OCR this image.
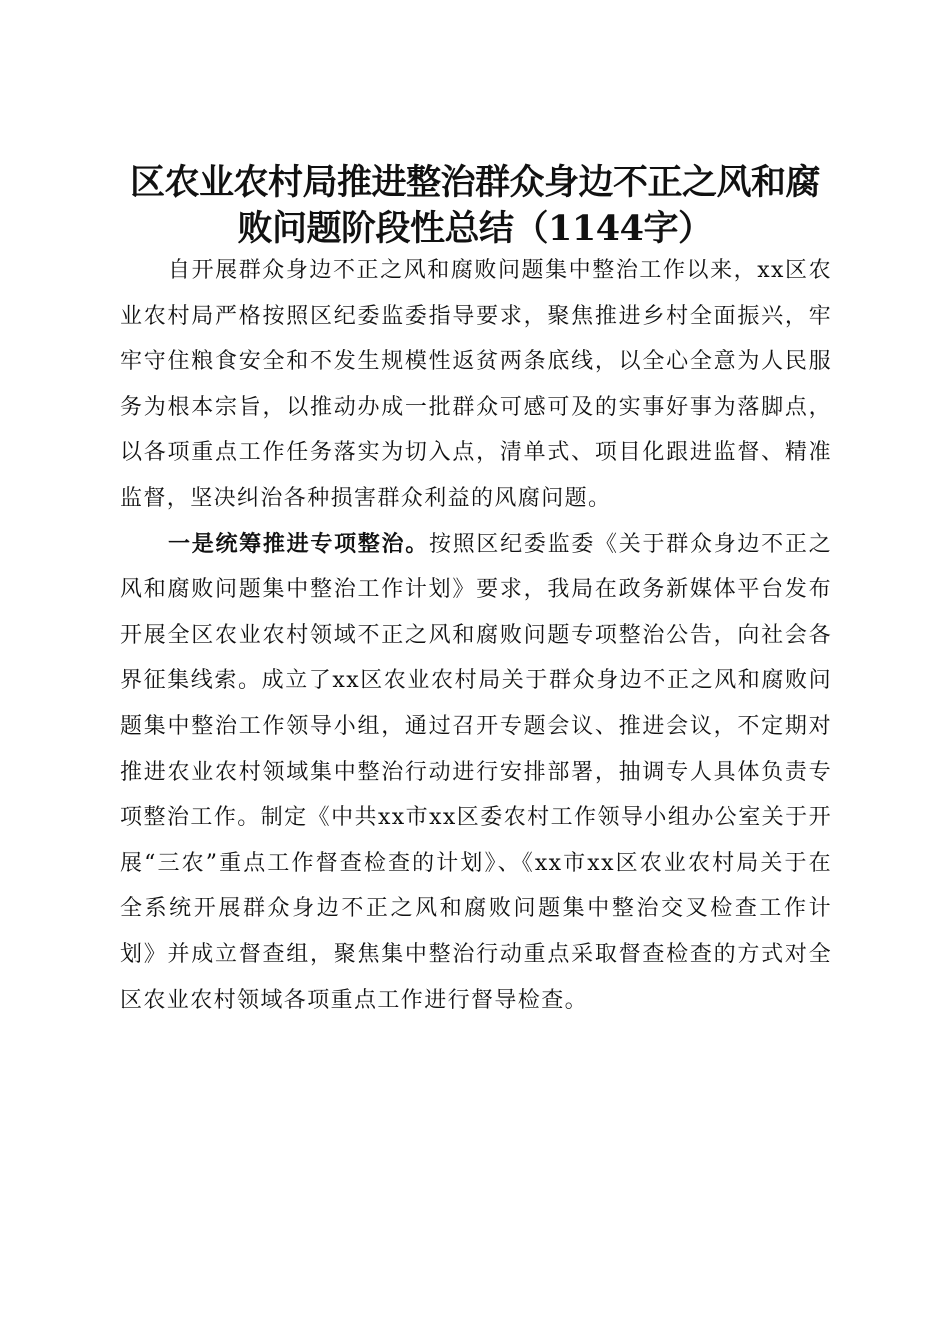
区农业农村局推进整治群众身边不正之风和腐
败问题阶段性总结（1144字）

自开展群众身边不正之风和腐败问题集中整治工作以来，xx区农业农村局严格按照区纪委监委指导要求，聚焦推进乡村全面振兴，牢牢守住粮食安全和不发生规模性返贫两条底线，以全心全意为人民服务为根本宗旨，以推动办成一批群众可感可及的实事好事为落脚点，以各项重点工作任务落实为切入点，清单式、项目化跟进监督、精准监督，坚决纠治各种损害群众利益的风腐问题。

一是统筹推进专项整治。按照区纪委监委《关于群众身边不正之风和腐败问题集中整治工作计划》要求，我局在政务新媒体平台发布开展全区农业农村领域不正之风和腐败问题专项整治公告，向社会各界征集线索。成立了xx区农业农村局关于群众身边不正之风和腐败问题集中整治工作领导小组，通过召开专题会议、推进会议，不定期对推进农业农村领域集中整治行动进行安排部署，抽调专人具体负责专项整治工作。制定《中共xx市xx区委农村工作领导小组办公室关于开展“三农”重点工作督查检查的计划》、《xx市xx区农业农村局关于在全系统开展群众身边不正之风和腐败问题集中整治交叉检查工作计划》并成立督查组，聚焦集中整治行动重点采取督查检查的方式对全区农业农村领域各项重点工作进行督导检查。
